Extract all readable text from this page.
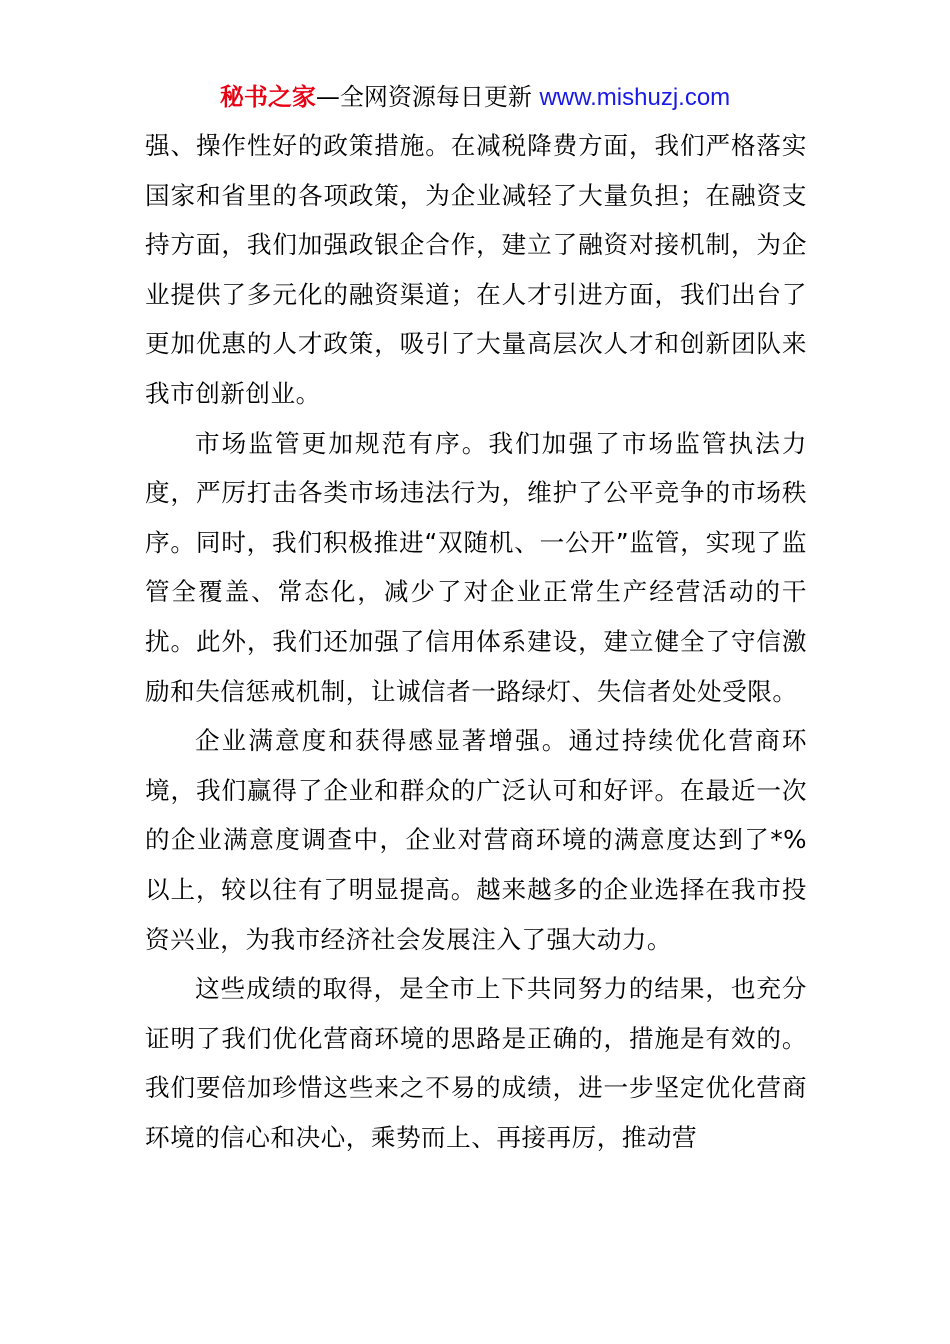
秘书之家—全网资源每日更新 www.mishuzj.com

强、操作性好的政策措施。在减税降费方面，我们严格落实国家和省里的各项政策，为企业减轻了大量负担；在融资支持方面，我们加强政银企合作，建立了融资对接机制，为企业提供了多元化的融资渠道；在人才引进方面，我们出台了更加优惠的人才政策，吸引了大量高层次人才和创新团队来我市创新创业。

市场监管更加规范有序。我们加强了市场监管执法力度，严厉打击各类市场违法行为，维护了公平竞争的市场秩序。同时，我们积极推进“双随机、一公开”监管，实现了监管全覆盖、常态化，减少了对企业正常生产经营活动的干扰。此外，我们还加强了信用体系建设，建立健全了守信激励和失信惩戒机制，让诚信者一路绿灯、失信者处处受限。

企业满意度和获得感显著增强。通过持续优化营商环境，我们赢得了企业和群众的广泛认可和好评。在最近一次的企业满意度调查中，企业对营商环境的满意度达到了*%以上，较以往有了明显提高。越来越多的企业选择在我市投资兴业，为我市经济社会发展注入了强大动力。

这些成绩的取得，是全市上下共同努力的结果，也充分证明了我们优化营商环境的思路是正确的，措施是有效的。我们要倍加珍惜这些来之不易的成绩，进一步坚定优化营商环境的信心和决心，乘势而上、再接再厉，推动营
